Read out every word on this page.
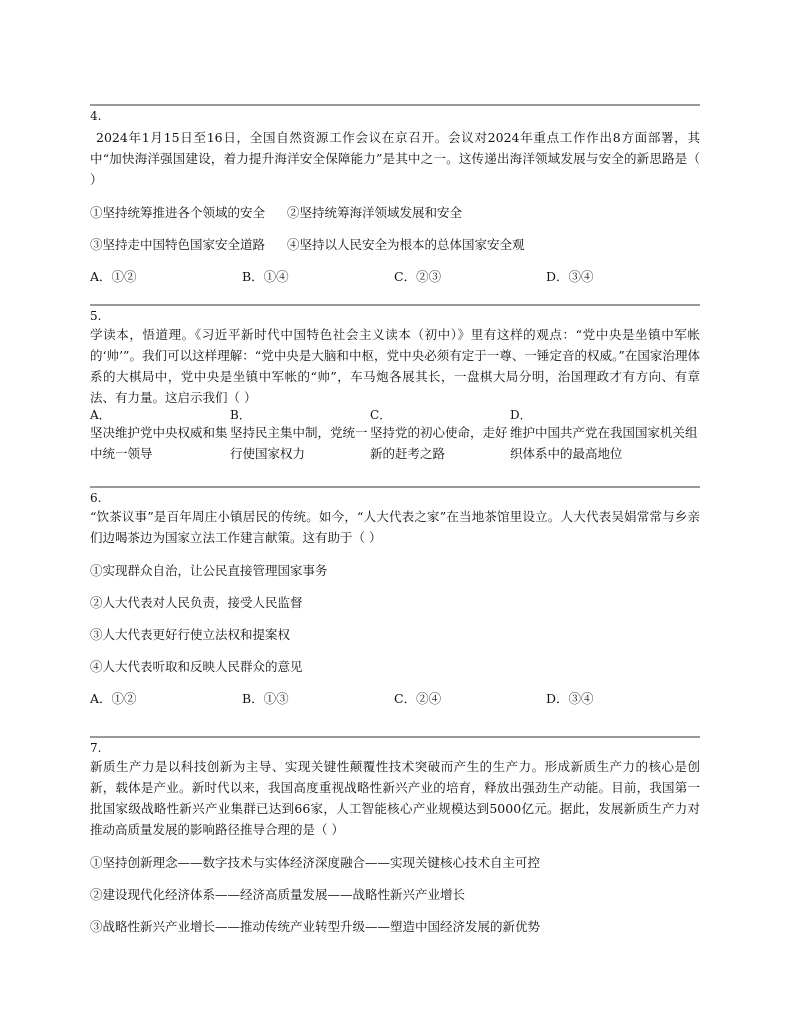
4.
2024年1月15日至16日，全国自然资源工作会议在京召开。会议对2024年重点工作作出8方面部署，其中“加快海洋强国建设，着力提升海洋安全保障能力”是其中之一。这传递出海洋领域发展与安全的新思路是（ ）
①坚持统筹推进各个领域的安全 ②坚持统筹海洋领域发展和安全
③坚持走中国特色国家安全道路 ④坚持以人民安全为根本的总体国家安全观
A．①②	B．①④	C．②③	D．③④
5.
学读本，悟道理。《习近平新时代中国特色社会主义读本（初中）》里有这样的观点：“党中央是坐镇中军帐的‘帅’”。我们可以这样理解：“党中央是大脑和中枢，党中央必须有定于一尊、一锤定音的权威。”在国家治理体系的大棋局中，党中央是坐镇中军帐的“帅”，车马炮各展其长，一盘棋大局分明，治国理政才有方向、有章法、有力量。这启示我们（ ）
A．
坚决维护党中央权威和集中统一领导
B．
坚持民主集中制，党统一行使国家权力
C．
坚持党的初心使命，走好新的赶考之路
D．
维护中国共产党在我国国家机关组织体系中的最高地位
6.
“饮茶议事”是百年周庄小镇居民的传统。如今，“人大代表之家”在当地茶馆里设立。人大代表吴娟常常与乡亲们边喝茶边为国家立法工作建言献策。这有助于（ ）
①实现群众自治，让公民直接管理国家事务
②人大代表对人民负责，接受人民监督
③人大代表更好行使立法权和提案权
④人大代表听取和反映人民群众的意见
A．①②	B．①③	C．②④	D．③④
7.
新质生产力是以科技创新为主导、实现关键性颠覆性技术突破而产生的生产力。形成新质生产力的核心是创新，载体是产业。新时代以来，我国高度重视战略性新兴产业的培育，释放出强劲生产动能。目前，我国第一批国家级战略性新兴产业集群已达到66家，人工智能核心产业规模达到5000亿元。据此，发展新质生产力对推动高质量发展的影响路径推导合理的是（ ）
①坚持创新理念——数字技术与实体经济深度融合——实现关键核心技术自主可控
②建设现代化经济体系——经济高质量发展——战略性新兴产业增长
③战略性新兴产业增长——推动传统产业转型升级——塑造中国经济发展的新优势
